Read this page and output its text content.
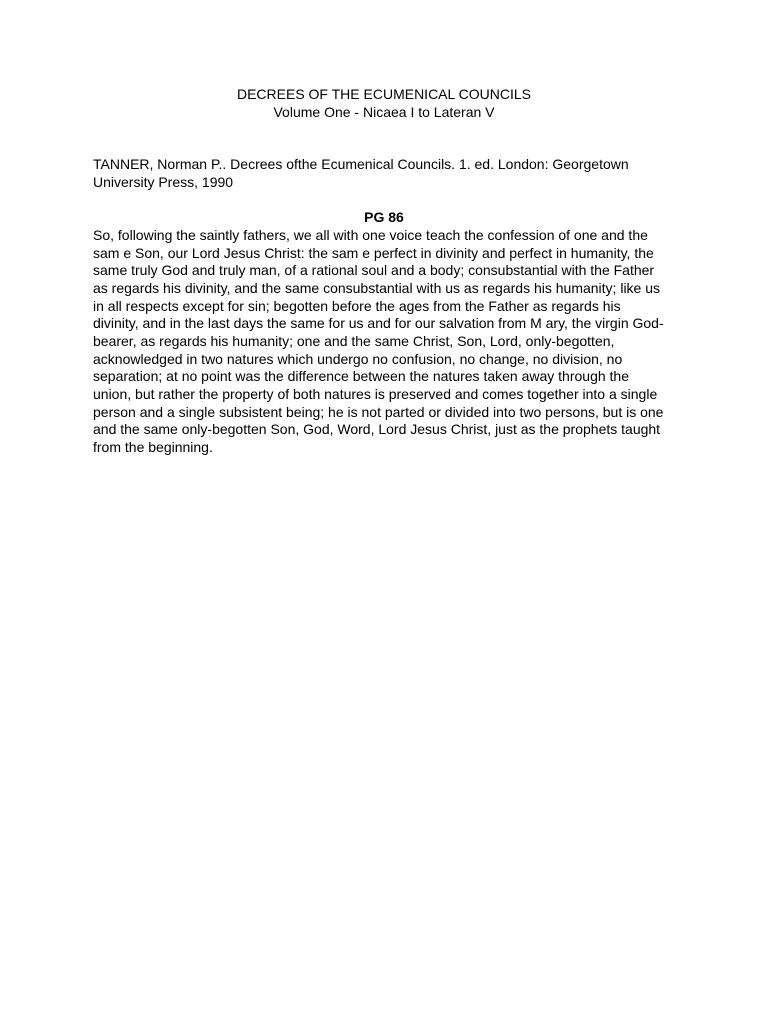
DECREES OF THE ECUMENICAL COUNCILS
Volume One - Nicaea I to Lateran V
TANNER, Norman P.. Decrees ofthe Ecumenical Councils. 1. ed. London: Georgetown
University Press, 1990
PG 86
So, following the saintly fathers, we all with one voice teach the confession of one and the
sam e Son, our Lord Jesus Christ: the sam e perfect in divinity and perfect in humanity, the
same truly God and truly man, of a rational soul and a body; consubstantial with the Father
as regards his divinity, and the same consubstantial with us as regards his humanity; like us
in all respects except for sin; begotten before the ages from the Father as regards his
divinity, and in the last days the same for us and for our salvation from M ary, the virgin God-
bearer, as regards his humanity; one and the same Christ, Son, Lord, only-begotten,
acknowledged in two natures which undergo no confusion, no change, no division, no
separation; at no point was the difference between the natures taken away through the
union, but rather the property of both natures is preserved and comes together into a single
person and a single subsistent being; he is not parted or divided into two persons, but is one
and the same only-begotten Son, God, Word, Lord Jesus Christ, just as the prophets taught
from the beginning.
